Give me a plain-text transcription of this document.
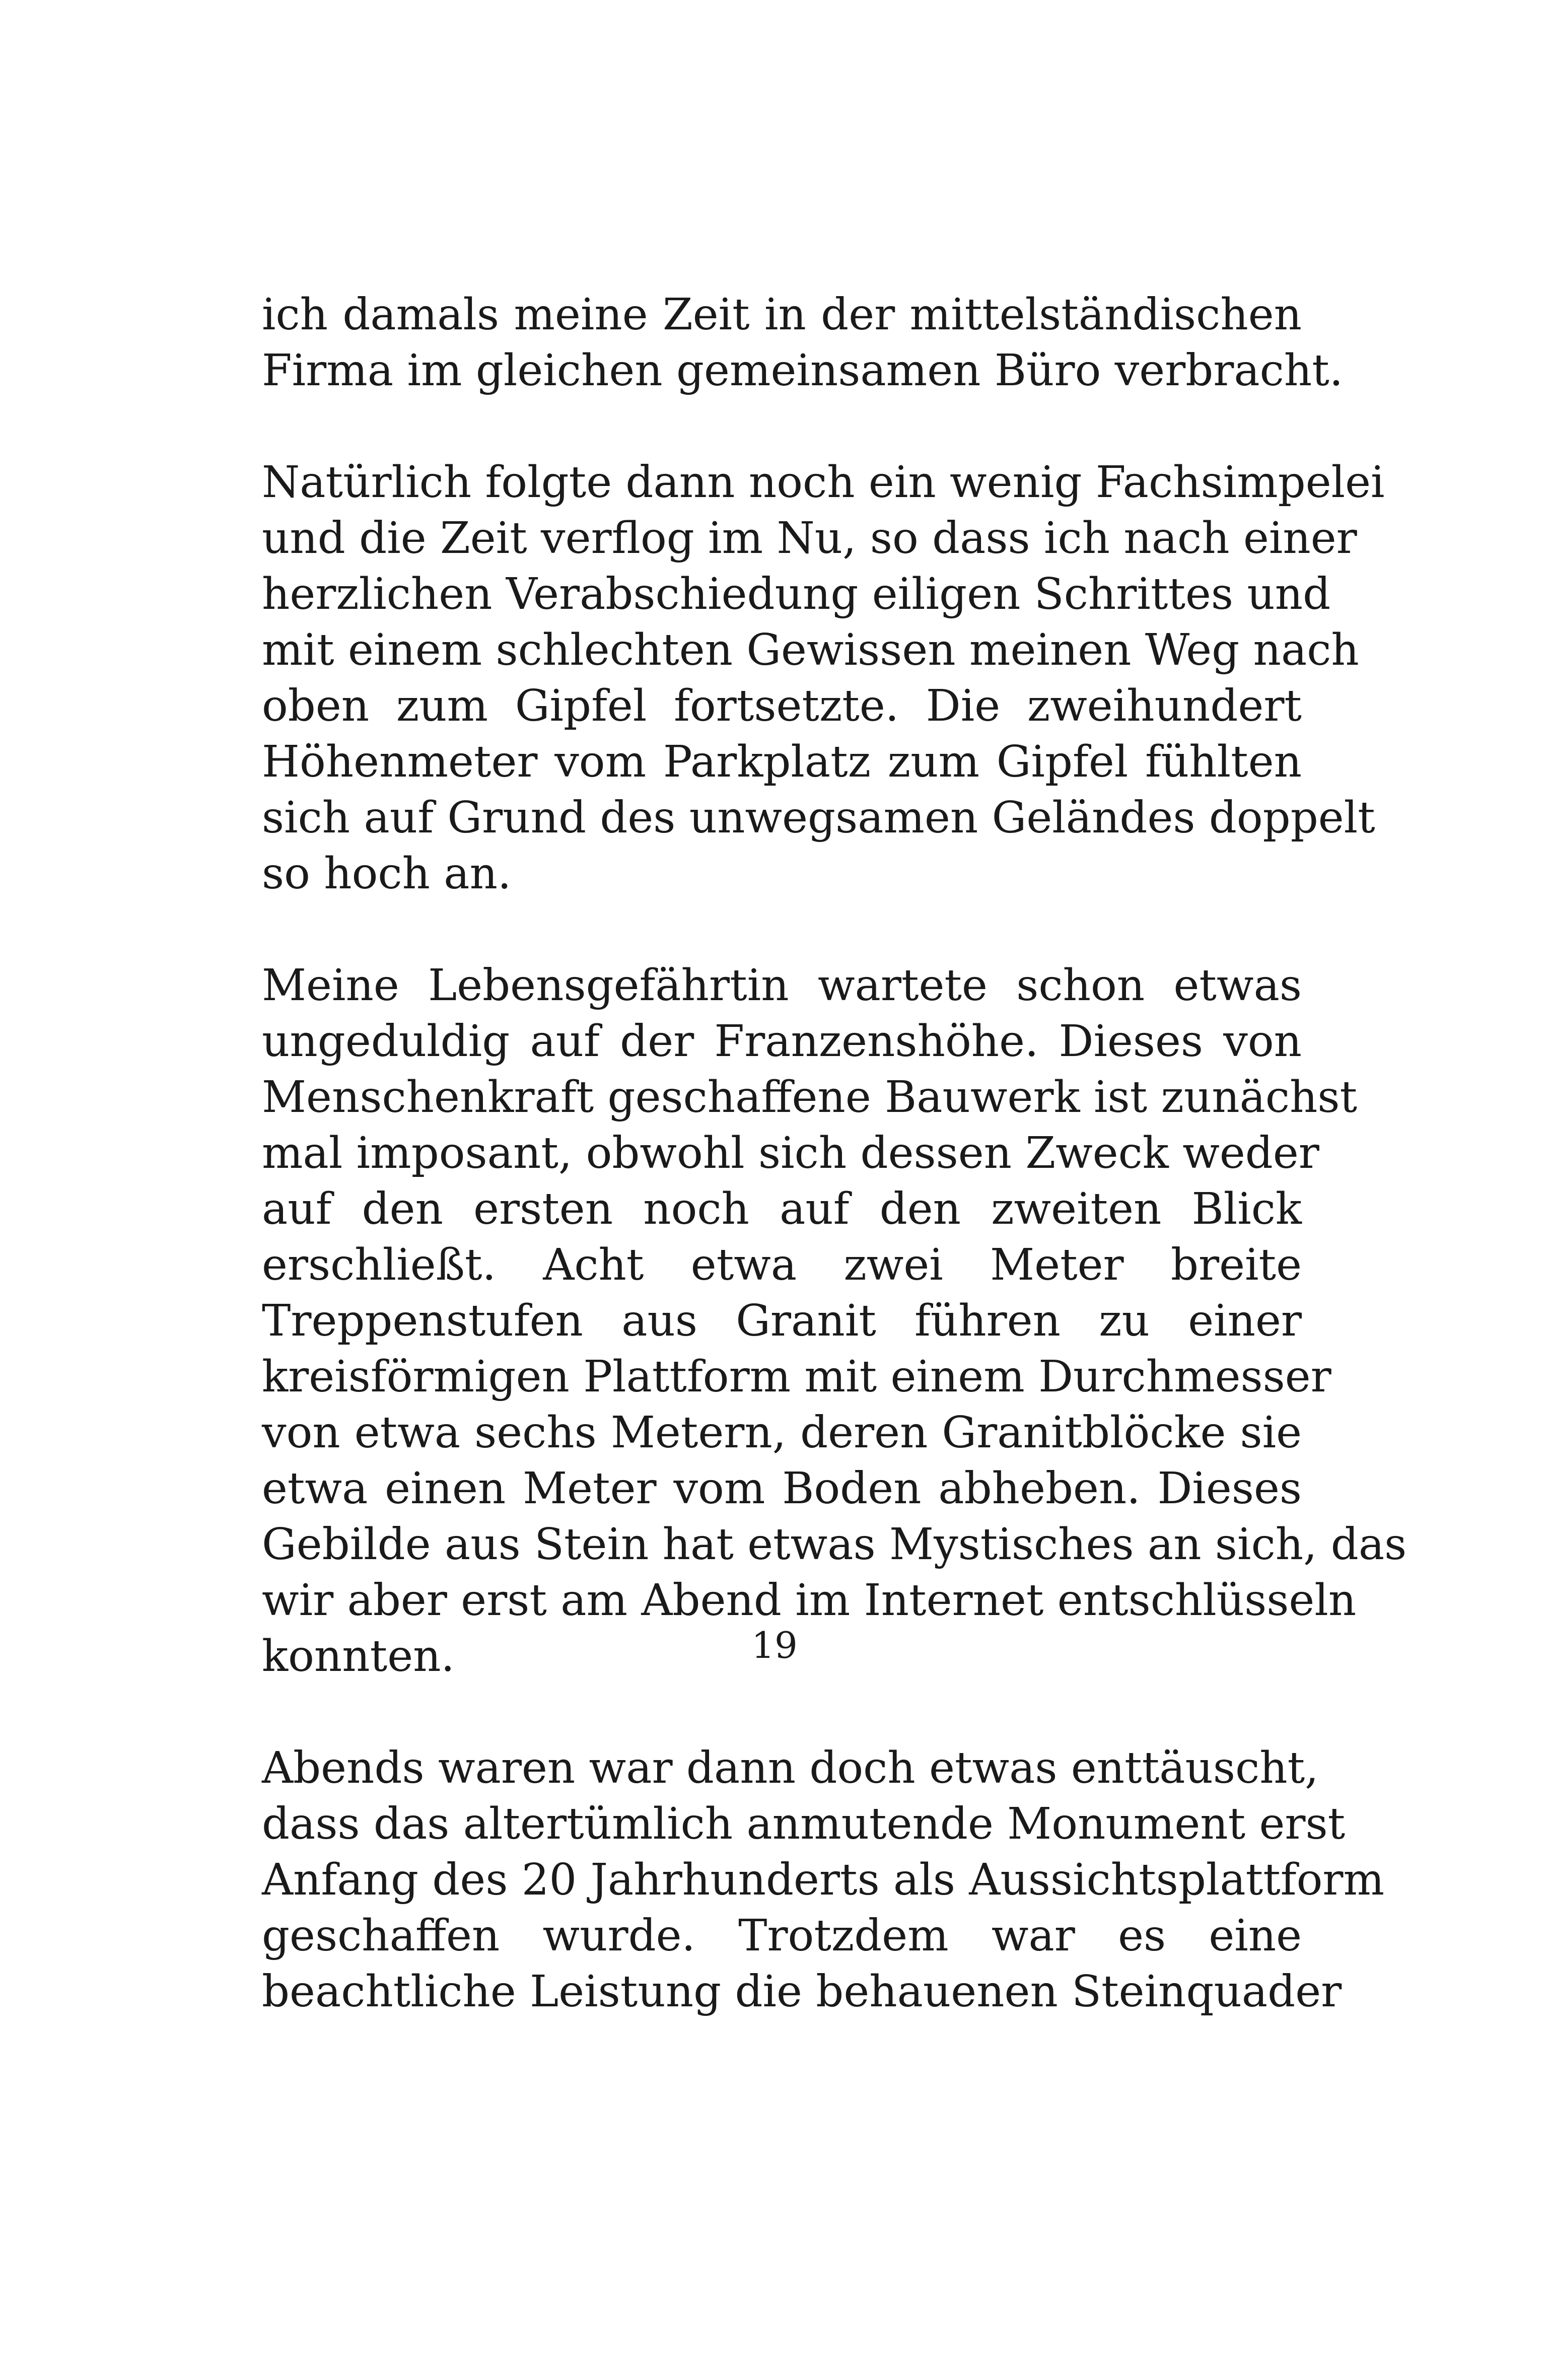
ich damals meine Zeit in der mittelständischen
Firma im gleichen gemeinsamen Büro verbracht.
Natürlich folgte dann noch ein wenig Fachsimpelei
und die Zeit verflog im Nu, so dass ich nach einer
herzlichen Verabschiedung eiligen Schrittes und
mit einem schlechten Gewissen meinen Weg nach
oben zum Gipfel fortsetzte. Die zweihundert
Höhenmeter vom Parkplatz zum Gipfel fühlten
sich auf Grund des unwegsamen Geländes doppelt
so hoch an.
Meine Lebensgefährtin wartete schon etwas
ungeduldig auf der Franzenshöhe. Dieses von
Menschenkraft geschaffene Bauwerk ist zunächst
mal imposant, obwohl sich dessen Zweck weder
auf den ersten noch auf den zweiten Blick
erschließt. Acht etwa zwei Meter breite
Treppenstufen aus Granit führen zu einer
kreisförmigen Plattform mit einem Durchmesser
von etwa sechs Metern, deren Granitblöcke sie
etwa einen Meter vom Boden abheben. Dieses
Gebilde aus Stein hat etwas Mystisches an sich, das
wir aber erst am Abend im Internet entschlüsseln
konnten.
Abends waren war dann doch etwas enttäuscht,
dass das altertümlich anmutende Monument erst
Anfang des 20 Jahrhunderts als Aussichtsplattform
geschaffen wurde. Trotzdem war es eine
beachtliche Leistung die behauenen Steinquader
19
